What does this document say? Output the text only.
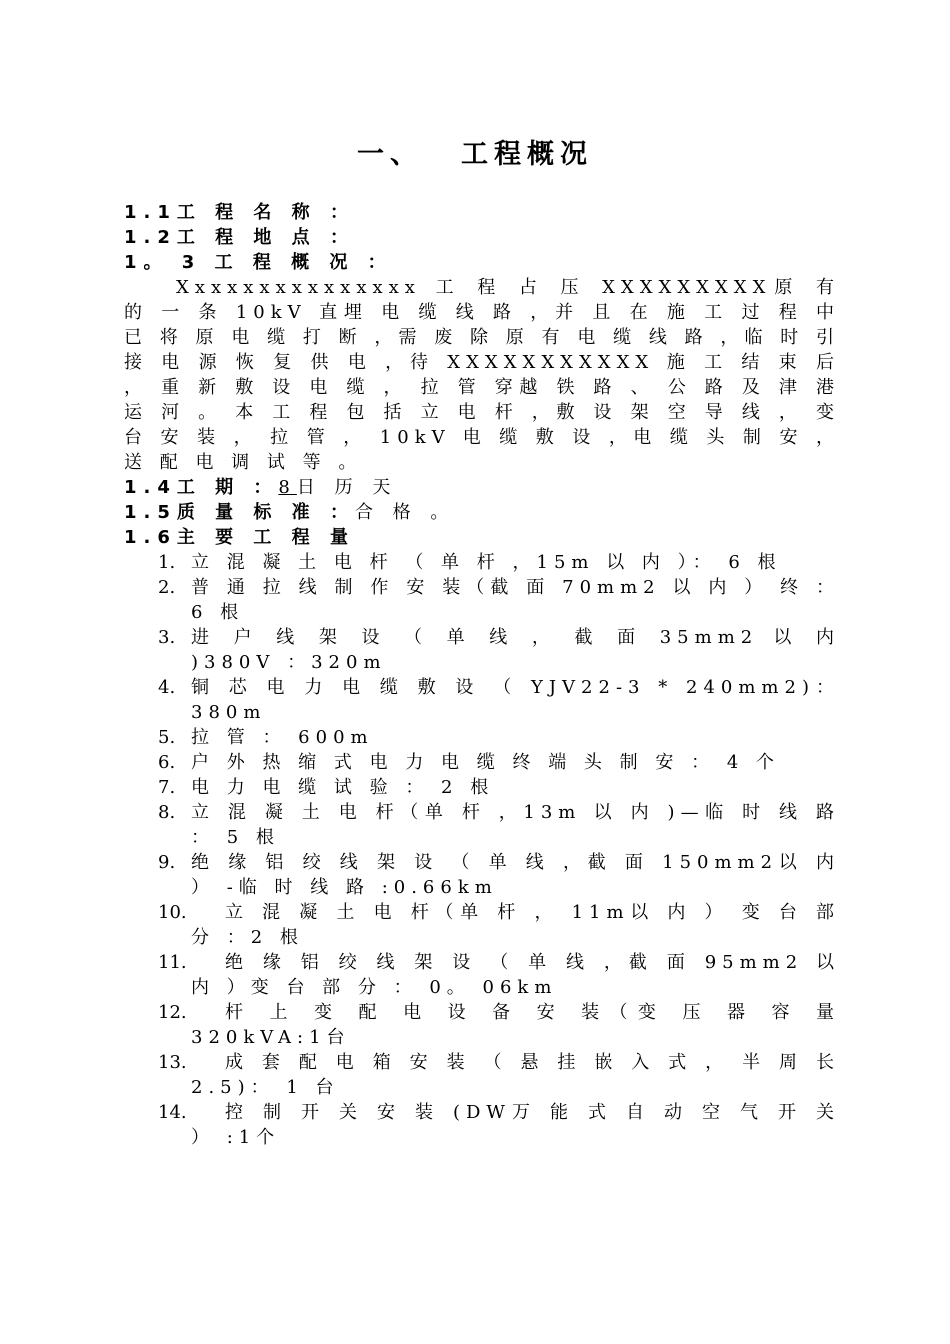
一、 工程概况
1.1工 程 名 称 ：
1.2工 程 地 点 ：
1。 3 工 程 概 况 ：

Xxxxxxxxxxxxxxx 工 程 占 压 XXXXXXXXX原 有 的 一 条 10kV 直埋 电 缆 线 路 ，并 且 在 施 工 过 程 中 已 将 原 电 缆 打 断 ，需 废 除 原 有 电 缆 线 路 ，临 时 引 接 电 源 恢 复 供 电 ，待 XXXXXXXXXXX 施 工 结 束 后 ， 重 新 敷 设 电 缆 ， 拉 管 穿越 铁 路 、 公 路 及 津 港 运 河 。 本 工 程 包 括 立 电 杆 ，敷 设 架 空 导 线 ， 变 台 安 装 ， 拉 管 ， 10kV 电 缆 敷 设 ，电 缆 头 制 安 ， 送 配 电 调 试 等 。

1.4工 期 ：8日 历 天
1.5质 量 标 准 ：合 格 。
1.6主 要 工 程 量
1. 立 混 凝 土 电 杆 （ 单 杆 ，15m 以 内 ）： 6 根
2. 普 通 拉 线 制 作 安 装（截 面 70mm2 以 内 ） 终 ： 6 根
3. 进 户 线 架 设 （ 单 线 ， 截 面 35mm2 以 内 )380V ：320m
4. 铜 芯 电 力 电 缆 敷 设 （ YJV22-3 * 240mm2)： 380m
5. 拉 管 ： 600m
6. 户 外 热 缩 式 电 力 电 缆 终 端 头 制 安 ： 4 个
7. 电 力 电 缆 试 验 ： 2 根
8. 立 混 凝 土 电 杆（单 杆 ，13m 以 内 )—临 时 线 路 ： 5 根
9. 绝 缘 铝 绞 线 架 设 （ 单 线 ，截 面 150mm2以 内 ） -临 时 线 路 :0.66km
10.	立 混 凝 土 电 杆（单 杆 ， 11m以 内 ） 变 台 部 分 ：2 根
11.	绝 缘 铝 绞 线 架 设 （ 单 线 ，截 面 95mm2 以 内 ）变 台 部 分 ： 0。 06km
12.	杆 上 变 配 电 设 备 安 装（变 压 器 容 量 320kVA:1台
13.	成 套 配 电 箱 安 装 （ 悬 挂 嵌 入 式 ， 半 周 长2.5)： 1 台
14.	控 制 开 关 安 装 (DW万 能 式 自 动 空 气 开 关 ） :1个
